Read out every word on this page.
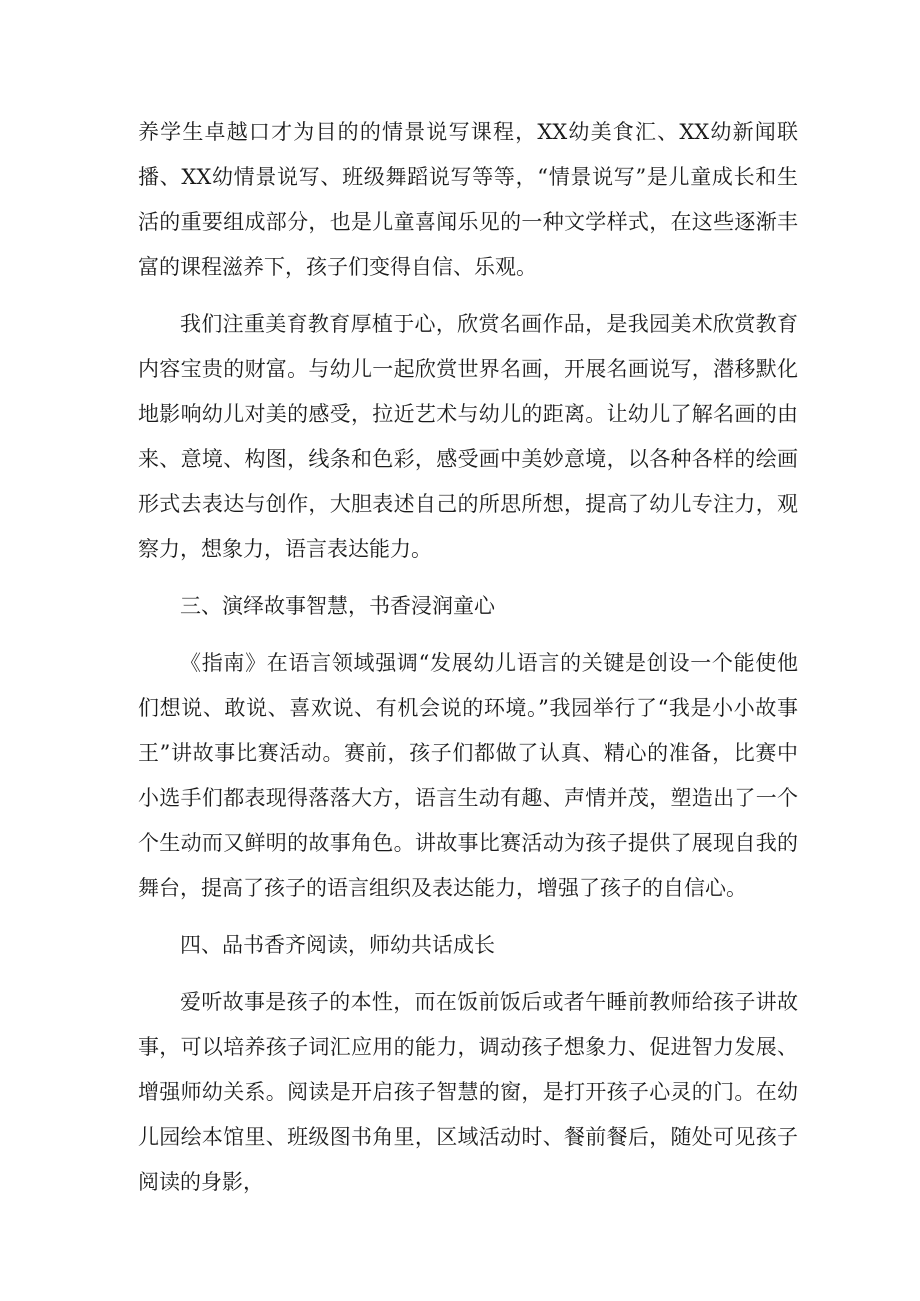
养学生卓越口才为目的的情景说写课程，XX幼美食汇、XX幼新闻联播、XX幼情景说写、班级舞蹈说写等等，“情景说写”是儿童成长和生活的重要组成部分，也是儿童喜闻乐见的一种文学样式，在这些逐渐丰富的课程滋养下，孩子们变得自信、乐观。

我们注重美育教育厚植于心，欣赏名画作品，是我园美术欣赏教育内容宝贵的财富。与幼儿一起欣赏世界名画，开展名画说写，潜移默化地影响幼儿对美的感受，拉近艺术与幼儿的距离。让幼儿了解名画的由来、意境、构图，线条和色彩，感受画中美妙意境，以各种各样的绘画形式去表达与创作，大胆表述自己的所思所想，提高了幼儿专注力，观察力，想象力，语言表达能力。

三、演绎故事智慧，书香浸润童心

《指南》在语言领域强调“发展幼儿语言的关键是创设一个能使他们想说、敢说、喜欢说、有机会说的环境。”我园举行了“我是小小故事王”讲故事比赛活动。赛前，孩子们都做了认真、精心的准备，比赛中小选手们都表现得落落大方，语言生动有趣、声情并茂，塑造出了一个个生动而又鲜明的故事角色。讲故事比赛活动为孩子提供了展现自我的舞台，提高了孩子的语言组织及表达能力，增强了孩子的自信心。

四、品书香齐阅读，师幼共话成长

爱听故事是孩子的本性，而在饭前饭后或者午睡前教师给孩子讲故事，可以培养孩子词汇应用的能力，调动孩子想象力、促进智力发展、增强师幼关系。阅读是开启孩子智慧的窗，是打开孩子心灵的门。在幼儿园绘本馆里、班级图书角里，区域活动时、餐前餐后，随处可见孩子阅读的身影，
